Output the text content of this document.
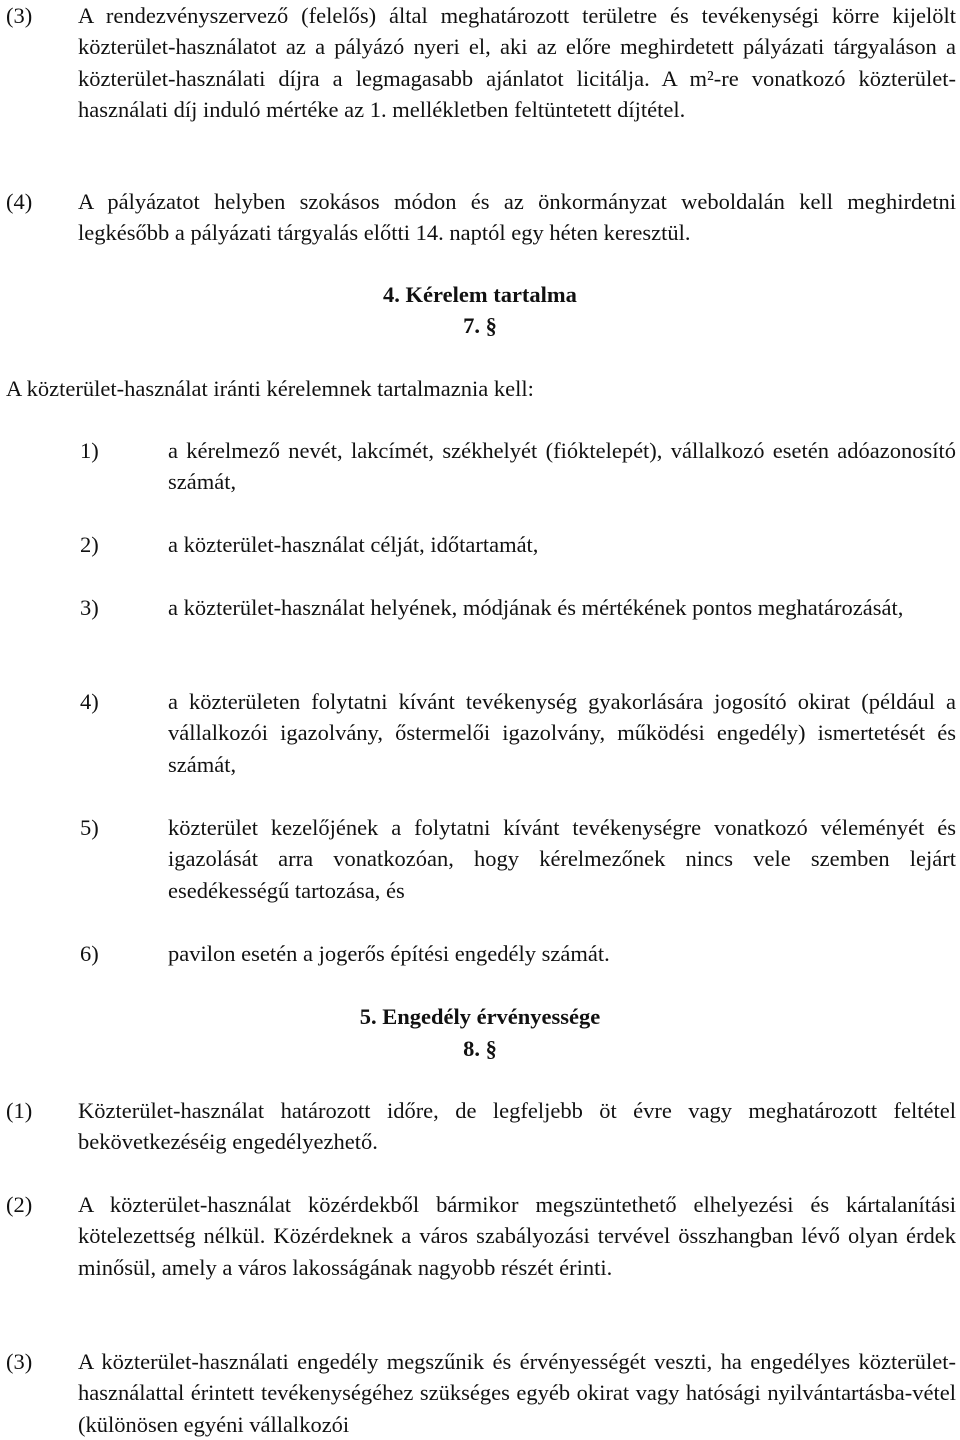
(3)	A rendezvényszervező (felelős) által meghatározott területre és tevékenységi körre kijelölt közterület-használatot az a pályázó nyeri el, aki az előre meghirdetett pályázati tárgyaláson a közterület-használati díjra a legmagasabb ajánlatot licitálja. A m²-re vonatkozó közterület-használati díj induló mértéke az 1. mellékletben feltüntetett díjtétel.
(4)	A pályázatot helyben szokásos módon és az önkormányzat weboldalán kell meghirdetni legkésőbb a pályázati tárgyalás előtti 14. naptól egy héten keresztül.
4. Kérelem tartalma
7. §
A közterület-használat iránti kérelemnek tartalmaznia kell:
1)	a kérelmező nevét, lakcímét, székhelyét (fióktelepét), vállalkozó esetén adóazonosító számát,
2)	a közterület-használat célját, időtartamát,
3)	a közterület-használat helyének, módjának és mértékének pontos meghatározását,
4)	a közterületen folytatni kívánt tevékenység gyakorlására jogosító okirat (például a vállalkozói igazolvány, őstermelői igazolvány, működési engedély) ismertetését és számát,
5)	közterület kezelőjének a folytatni kívánt tevékenységre vonatkozó véleményét és igazolását arra vonatkozóan, hogy kérelmezőnek nincs vele szemben lejárt esedékességű tartozása, és
6)	pavilon esetén a jogerős építési engedély számát.
5. Engedély érvényessége
8. §
(1)	Közterület-használat határozott időre, de legfeljebb öt évre vagy meghatározott feltétel bekövetkezéséig engedélyezhető.
(2)	A közterület-használat közérdekből bármikor megszüntethető elhelyezési és kártalanítási kötelezettség nélkül. Közérdeknek a város szabályozási tervével összhangban lévő olyan érdek minősül, amely a város lakosságának nagyobb részét érinti.
(3)	A közterület-használati engedély megszűnik és érvényességét veszti, ha engedélyes közterület-használattal érintett tevékenységéhez szükséges egyéb okirat vagy hatósági nyilvántartásba-vétel (különösen egyéni vállalkozói
